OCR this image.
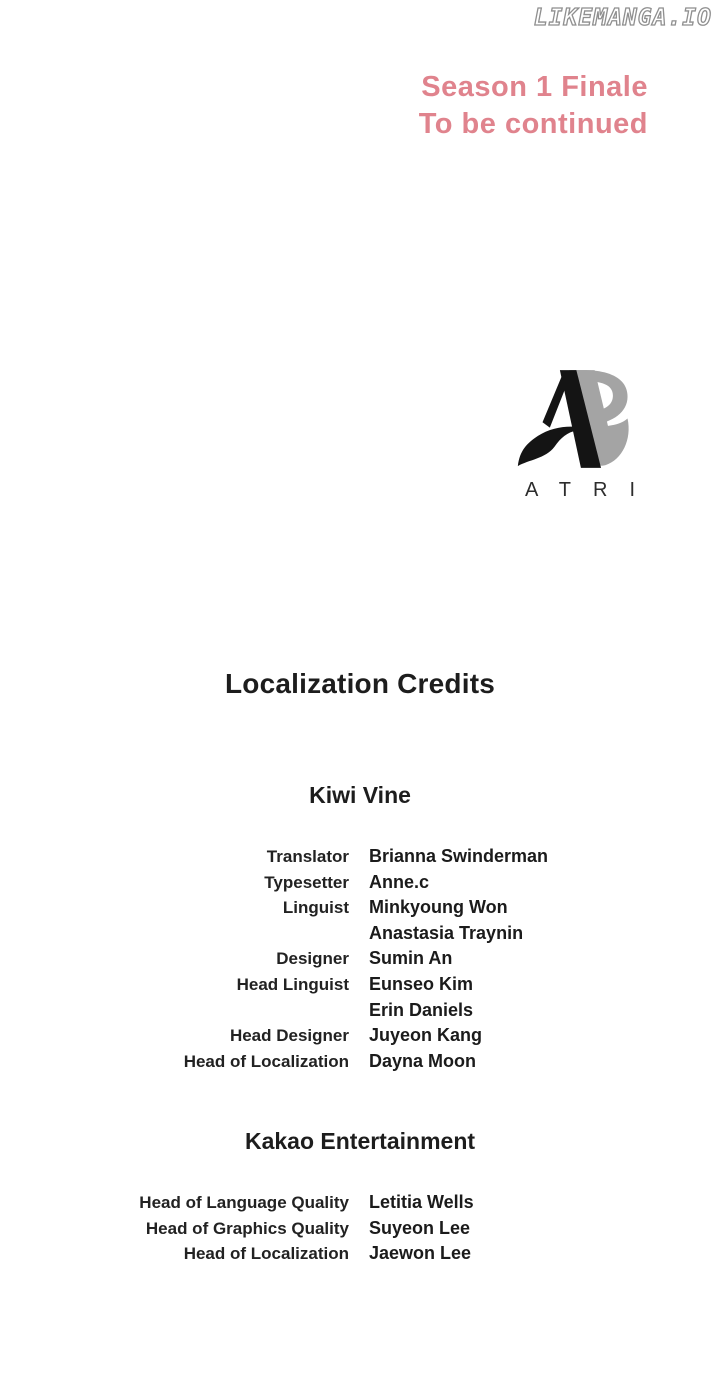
LIKEMANGA.IO
Season 1 Finale
To be continued
ATRI
Localization Credits
Kiwi Vine
Translator Brianna Swinderman
Typesetter Anne.c
Linguist Minkyoung Won
Anastasia Traynin
Designer Sumin An
Head Linguist Eunseo Kim
Erin Daniels
Head Designer Juyeon Kang
Head of Localization Dayna Moon
Kakao Entertainment
Head of Language Quality Letitia Wells
Head of Graphics Quality Suyeon Lee
Head of Localization Jaewon Lee
